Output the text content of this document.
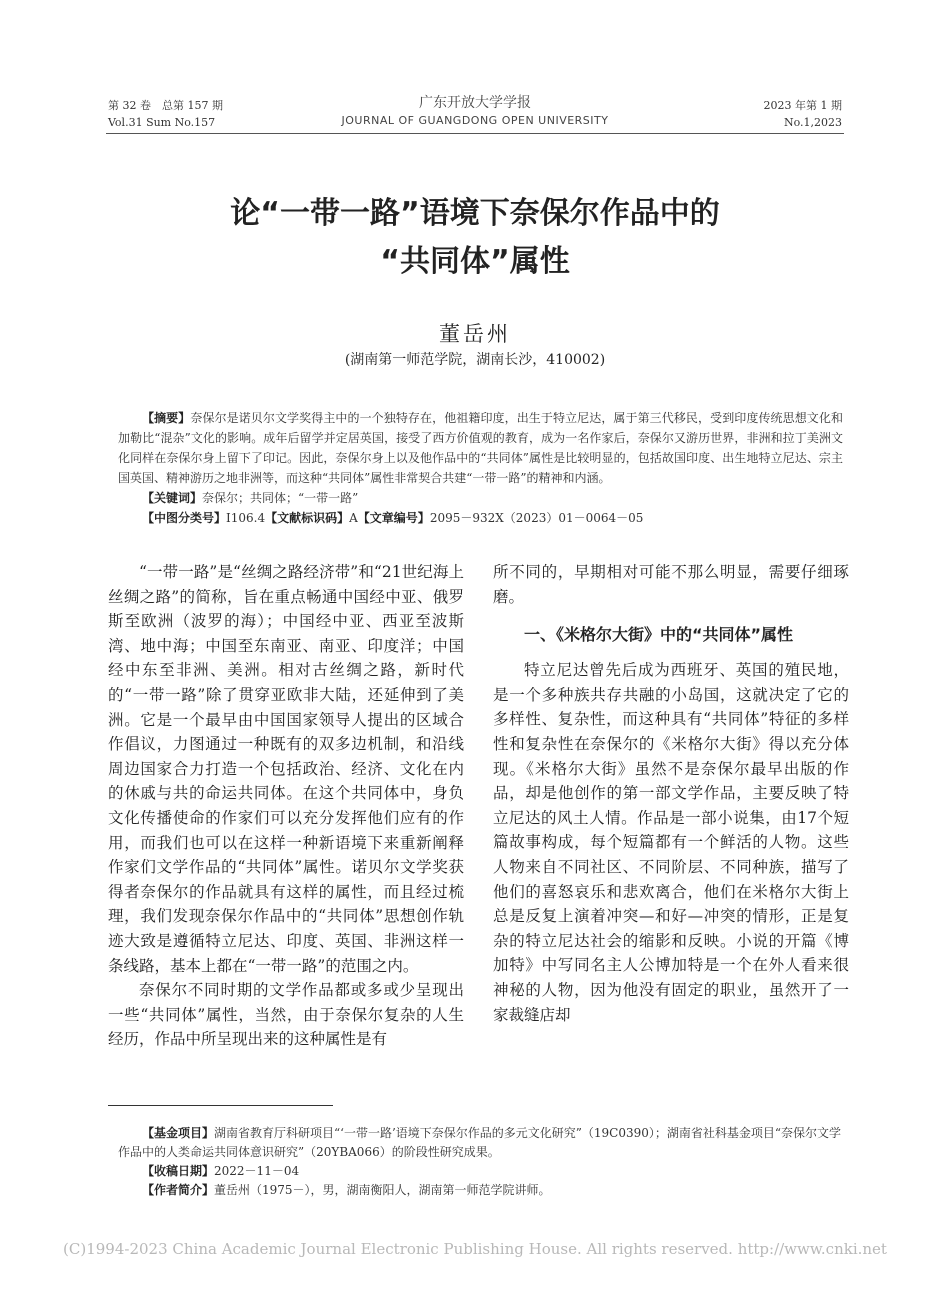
第 32 卷　总第 157 期
Vol.31 Sum No.157
广东开放大学学报
JOURNAL OF GUANGDONG OPEN UNIVERSITY
2023 年第 1 期
No.1,2023
论“一带一路”语境下奈保尔作品中的
“共同体”属性
董岳州
(湖南第一师范学院，湖南长沙，410002)

【摘要】奈保尔是诺贝尔文学奖得主中的一个独特存在，他祖籍印度，出生于特立尼达，属于第三代移民，受到印度传统思想文化和加勒比“混杂”文化的影响。成年后留学并定居英国，接受了西方价值观的教育，成为一名作家后，奈保尔又游历世界，非洲和拉丁美洲文化同样在奈保尔身上留下了印记。因此，奈保尔身上以及他作品中的“共同体”属性是比较明显的，包括故国印度、出生地特立尼达、宗主国英国、精神游历之地非洲等，而这种“共同体”属性非常契合共建“一带一路”的精神和内涵。

【关键词】奈保尔；共同体；“一带一路”

【中图分类号】I106.4【文献标识码】A【文章编号】2095－932X（2023）01－0064－05

“一带一路”是“丝绸之路经济带”和“21世纪海上丝绸之路”的简称，旨在重点畅通中国经中亚、俄罗斯至欧洲（波罗的海）；中国经中亚、西亚至波斯湾、地中海；中国至东南亚、南亚、印度洋；中国经中东至非洲、美洲。相对古丝绸之路，新时代的“一带一路”除了贯穿亚欧非大陆，还延伸到了美洲。它是一个最早由中国国家领导人提出的区域合作倡议，力图通过一种既有的双多边机制，和沿线周边国家合力打造一个包括政治、经济、文化在内的休戚与共的命运共同体。在这个共同体中，身负文化传播使命的作家们可以充分发挥他们应有的作用，而我们也可以在这样一种新语境下来重新阐释作家们文学作品的“共同体”属性。诺贝尔文学奖获得者奈保尔的作品就具有这样的属性，而且经过梳理，我们发现奈保尔作品中的“共同体”思想创作轨迹大致是遵循特立尼达、印度、英国、非洲这样一条线路，基本上都在“一带一路”的范围之内。

奈保尔不同时期的文学作品都或多或少呈现出一些“共同体”属性，当然，由于奈保尔复杂的人生经历，作品中所呈现出来的这种属性是有

所不同的，早期相对可能不那么明显，需要仔细琢磨。

一、《米格尔大街》中的“共同体”属性

特立尼达曾先后成为西班牙、英国的殖民地，是一个多种族共存共融的小岛国，这就决定了它的多样性、复杂性，而这种具有“共同体”特征的多样性和复杂性在奈保尔的《米格尔大街》得以充分体现。《米格尔大街》虽然不是奈保尔最早出版的作品，却是他创作的第一部文学作品，主要反映了特立尼达的风土人情。作品是一部小说集，由17个短篇故事构成，每个短篇都有一个鲜活的人物。这些人物来自不同社区、不同阶层、不同种族，描写了他们的喜怒哀乐和悲欢离合，他们在米格尔大街上总是反复上演着冲突—和好—冲突的情形，正是复杂的特立尼达社会的缩影和反映。小说的开篇《博加特》中写同名主人公博加特是一个在外人看来很神秘的人物，因为他没有固定的职业，虽然开了一家裁缝店却

【基金项目】湖南省教育厅科研项目“‘一带一路’语境下奈保尔作品的多元文化研究”（19C0390）；湖南省社科基金项目“奈保尔文学作品中的人类命运共同体意识研究”（20YBA066）的阶段性研究成果。

【收稿日期】2022－11－04

【作者简介】董岳州（1975－），男，湖南衡阳人，湖南第一师范学院讲师。

(C)1994-2023 China Academic Journal Electronic Publishing House. All rights reserved. http://www.cnki.net
